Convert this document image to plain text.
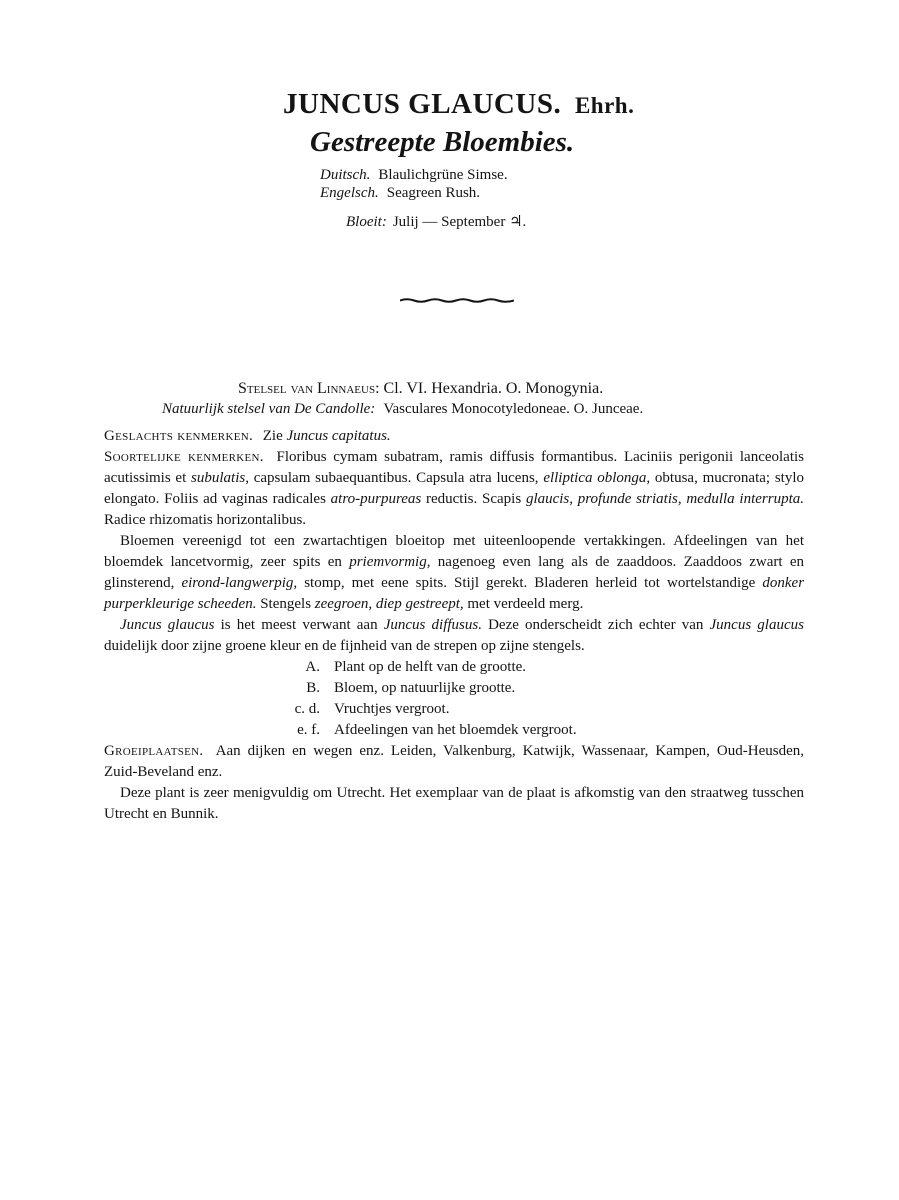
JUNCUS GLAUCUS. Ehrh.
Gestreepte Bloembies.
Duitsch. Blaulichgrüne Simse.
Engelsch. Seagreen Rush.
Bloeit: Julij — September ♃.
Stelsel van Linnaeus: Cl. VI. Hexandria. O. Monogynia.
Natuurlijk stelsel van De Candolle: Vasculares Monocotyledoneae. O. Junceae.

Geslachts kenmerken. Zie Juncus capitatus.

Soortelijke kenmerken. Floribus cymam subatram, ramis diffusis formantibus. Laciniis perigonii lanceolatis acutissimis et subulatis, capsulam subaequantibus. Capsula atra lucens, elliptica oblonga, obtusa, mucronata; stylo elongato. Foliis ad vaginas radicales atro-purpureas reductis. Scapis glaucis, profunde striatis, medulla interrupta. Radice rhizomatis horizontalibus.

Bloemen vereenigd tot een zwartachtigen bloeitop met uiteenloopende vertakkingen. Afdeelingen van het bloemdek lancetvormig, zeer spits en priemvormig, nagenoeg even lang als de zaaddoos. Zaaddoos zwart en glinsterend, eirond-langwerpig, stomp, met eene spits. Stijl gerekt. Bladeren herleid tot wortelstandige donker purperkleurige scheeden. Stengels zeegroen, diep gestreept, met verdeeld merg.

Juncus glaucus is het meest verwant aan Juncus diffusus. Deze onderscheidt zich echter van Juncus glaucus duidelijk door zijne groene kleur en de fijnheid van de strepen op zijne stengels.

A. Plant op de helft van de grootte.
B. Bloem, op natuurlijke grootte.
c. d. Vruchtjes vergroot.
e. f. Afdeelingen van het bloemdek vergroot.

Groeiplaatsen. Aan dijken en wegen enz. Leiden, Valkenburg, Katwijk, Wassenaar, Kampen, Oud-Heusden, Zuid-Beveland enz.

Deze plant is zeer menigvuldig om Utrecht. Het exemplaar van de plaat is afkomstig van den straatweg tusschen Utrecht en Bunnik.
